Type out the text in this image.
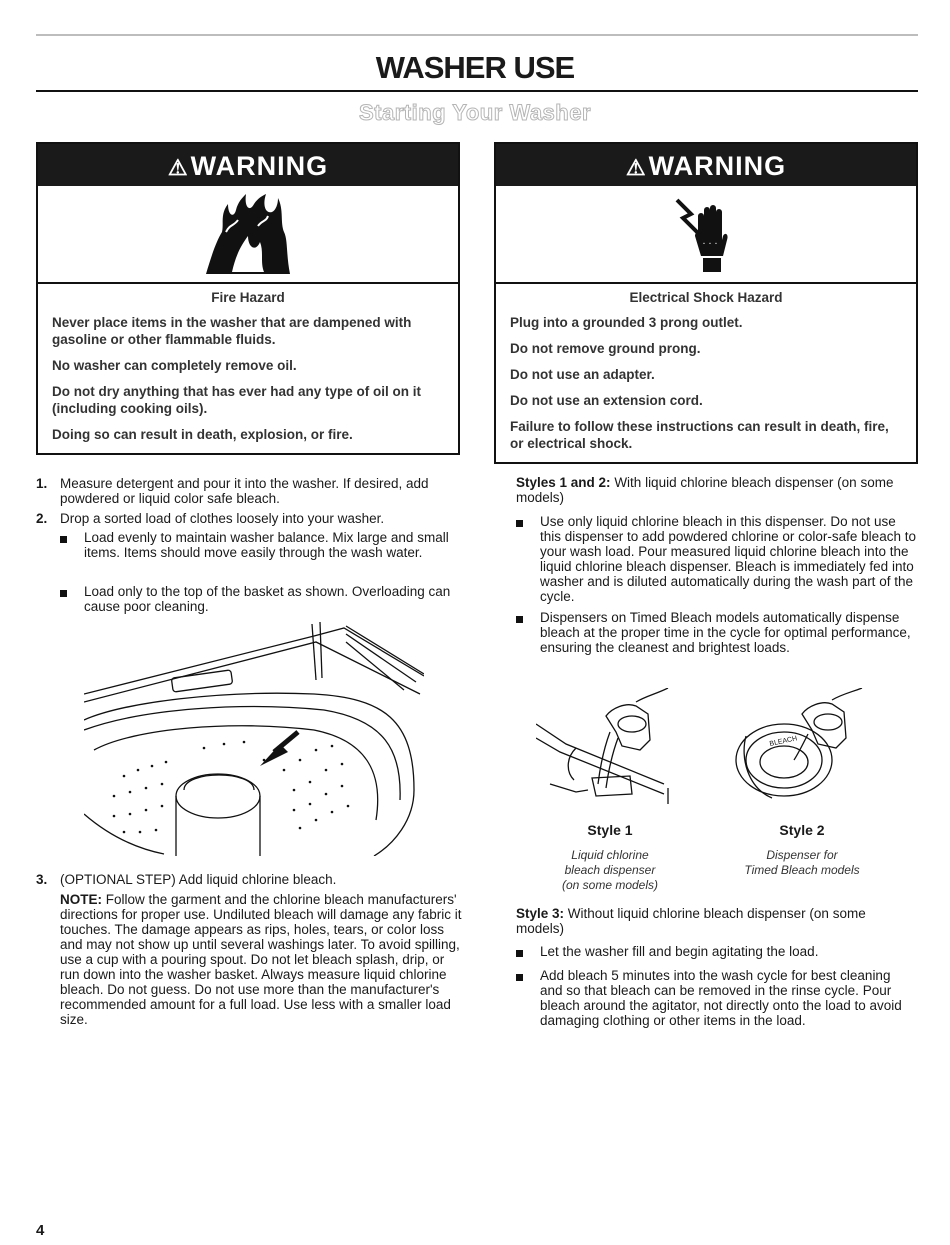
WASHER USE
Starting Your Washer
⚠WARNING
Fire Hazard

Never place items in the washer that are dampened with gasoline or other flammable fluids.

No washer can completely remove oil.

Do not dry anything that has ever had any type of oil on it (including cooking oils).

Doing so can result in death, explosion, or fire.

⚠WARNING
Electrical Shock Hazard

Plug into a grounded 3 prong outlet.

Do not remove ground prong.

Do not use an adapter.

Do not use an extension cord.

Failure to follow these instructions can result in death, fire, or electrical shock.

1. Measure detergent and pour it into the washer. If desired, add powdered or liquid color safe bleach.
2. Drop a sorted load of clothes loosely into your washer.
Load evenly to maintain washer balance. Mix large and small items. Items should move easily through the wash water.
Load only to the top of the basket as shown. Overloading can cause poor cleaning.
3. (OPTIONAL STEP) Add liquid chlorine bleach.
NOTE: Follow the garment and the chlorine bleach manufacturers' directions for proper use. Undiluted bleach will damage any fabric it touches. The damage appears as rips, holes, tears, or color loss and may not show up until several washings later. To avoid spilling, use a cup with a pouring spout. Do not let bleach splash, drip, or run down into the washer basket. Always measure liquid chlorine bleach. Do not guess. Do not use more than the manufacturer's recommended amount for a full load. Use less with a smaller load size.
Styles 1 and 2: With liquid chlorine bleach dispenser (on some models)
Use only liquid chlorine bleach in this dispenser. Do not use this dispenser to add powdered chlorine or color-safe bleach to your wash load. Pour measured liquid chlorine bleach into the liquid chlorine bleach dispenser. Bleach is immediately fed into washer and is diluted automatically during the wash part of the cycle.
Dispensers on Timed Bleach models automatically dispense bleach at the proper time in the cycle for optimal performance, ensuring the cleanest and brightest loads.
Style 1
Liquid chlorine
bleach dispenser
(on some models)
BLEACH
Style 2
Dispenser for
Timed Bleach models
Style 3: Without liquid chlorine bleach dispenser (on some models)
Let the washer fill and begin agitating the load.
Add bleach 5 minutes into the wash cycle for best cleaning and so that bleach can be removed in the rinse cycle. Pour bleach around the agitator, not directly onto the load to avoid damaging clothing or other items in the load.
4
